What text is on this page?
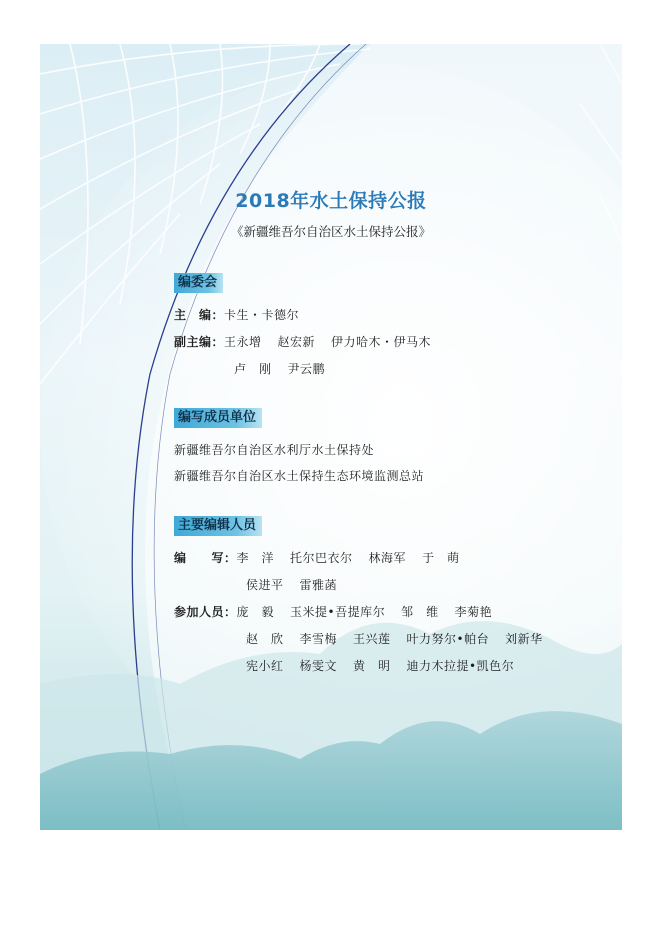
2018年水土保持公报
《新疆维吾尔自治区水土保持公报》
编委会
主　编：卡生・卡德尔
副主编：王永增 赵宏新 伊力哈木・伊马木
卢　刚 尹云鹏
编写成员单位
新疆维吾尔自治区水利厅水土保持处
新疆维吾尔自治区水土保持生态环境监测总站
主要编辑人员
编　　写：李　洋 托尔巴衣尔 林海军 于　萌
侯进平 雷雅菡
参加人员：庞　毅 玉米提•吾提库尔 邹　维 李菊艳
赵　欣 李雪梅 王兴莲 叶力努尔•帕台 刘新华
宪小红 杨雯文 黄　明 迪力木拉提•凯色尔
